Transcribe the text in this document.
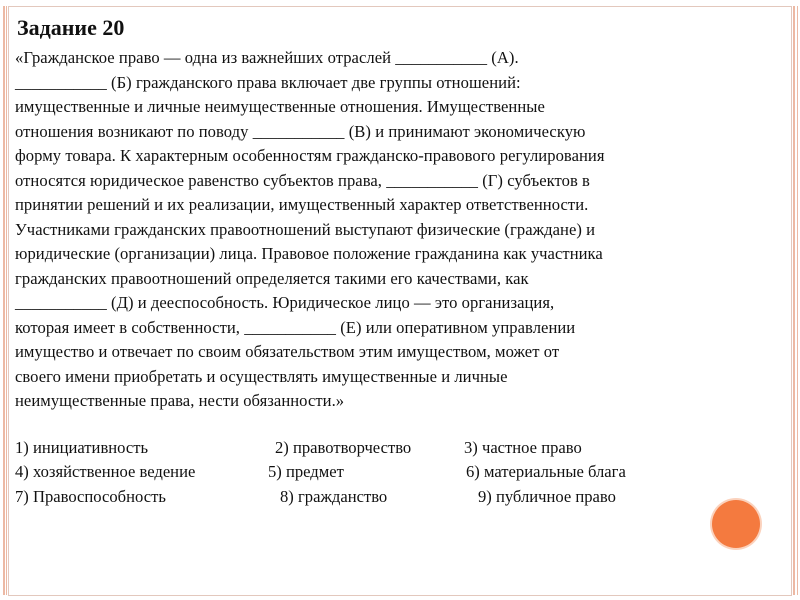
Задание 20

«Гражданское право — одна из важнейших отраслей ___________ (А).
___________ (Б) гражданского права включает две группы отношений:
имущественные и личные неимущественные отношения. Имущественные
отношения возникают по поводу ___________ (В) и принимают экономическую
форму товара. К характерным особенностям гражданско-правового регулирования
относятся юридическое равенство субъектов права, ___________ (Г) субъектов в
принятии решений и их реализации, имущественный характер ответственности.

Участниками гражданских правоотношений выступают физические (граждане) и
юридические (организации) лица. Правовое положение гражданина как участника
гражданских правоотношений определяется такими его качествами, как
___________ (Д) и дееспособность. Юридическое лицо — это организация,
которая имеет в собственности, ___________ (Е) или оперативном управлении
имущество и отвечает по своим обязательством этим имуществом, может от
своего имени приобретать и осуществлять имущественные и личные
неимущественные права, нести обязанности.»

1) инициативность	2) правотворчество	3) частное право
4) хозяйственное ведение	5) предмет	6) материальные блага
7) Правоспособность	8) гражданство	9) публичное право
